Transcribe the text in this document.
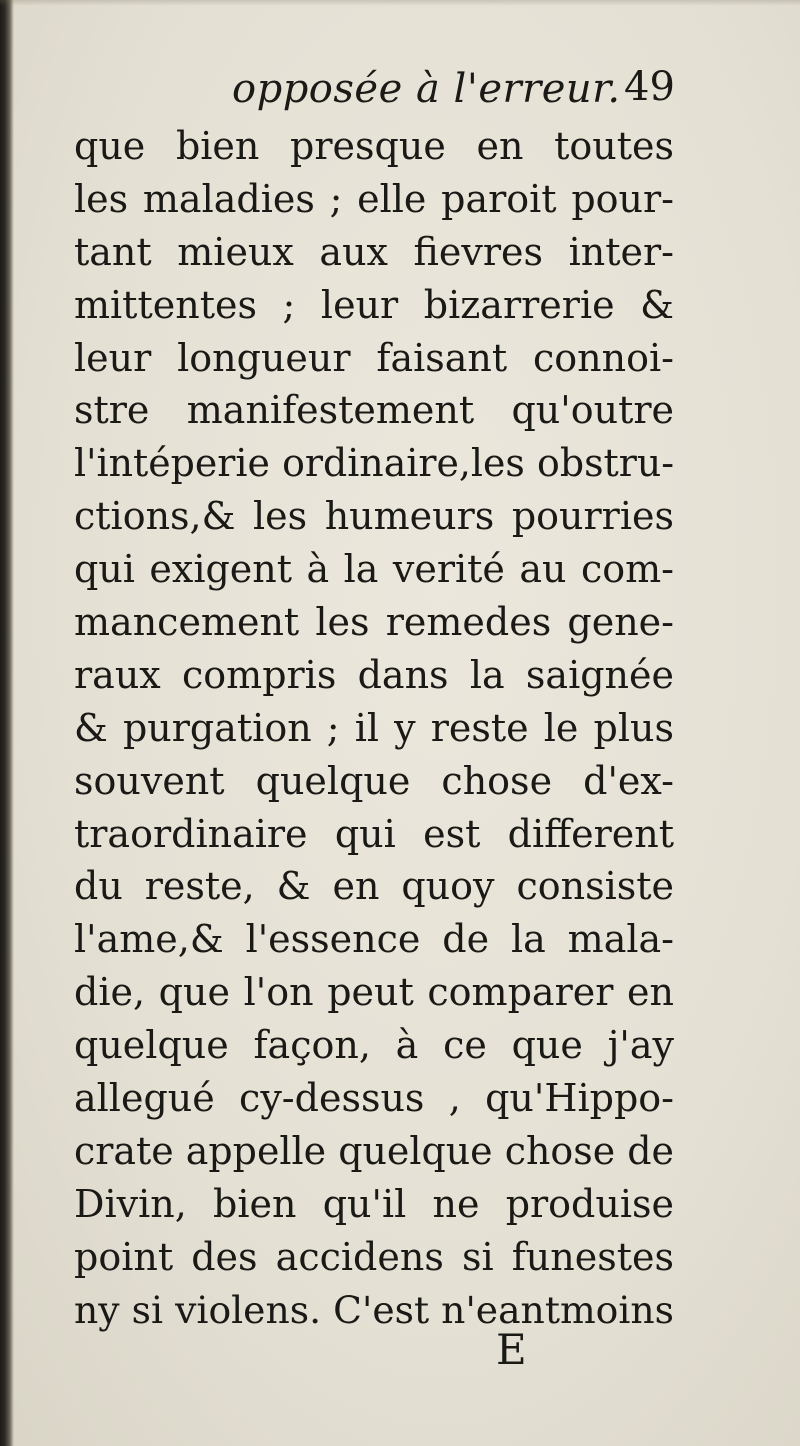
opposée à l'erreur. 49
que bien presque en toutes
les maladies ; elle paroit pour-
tant mieux aux fievres inter-
mittentes ; leur bizarrerie &
leur longueur faisant connoi-
stre manifestement qu'outre
l'intéperie ordinaire,les obstru-
ctions,& les humeurs pourries
qui exigent à la verité au com-
mancement les remedes gene-
raux compris dans la saignée
& purgation ; il y reste le plus
souvent quelque chose d'ex-
traordinaire qui est different
du reste, & en quoy consiste
l'ame,& l'essence de la mala-
die, que l'on peut comparer en
quelque façon, à ce que j'ay
allegué cy-dessus , qu'Hippo-
crate appelle quelque chose de
Divin, bien qu'il ne produise
point des accidens si funestes
ny si violens. C'est n'eantmoins
E
